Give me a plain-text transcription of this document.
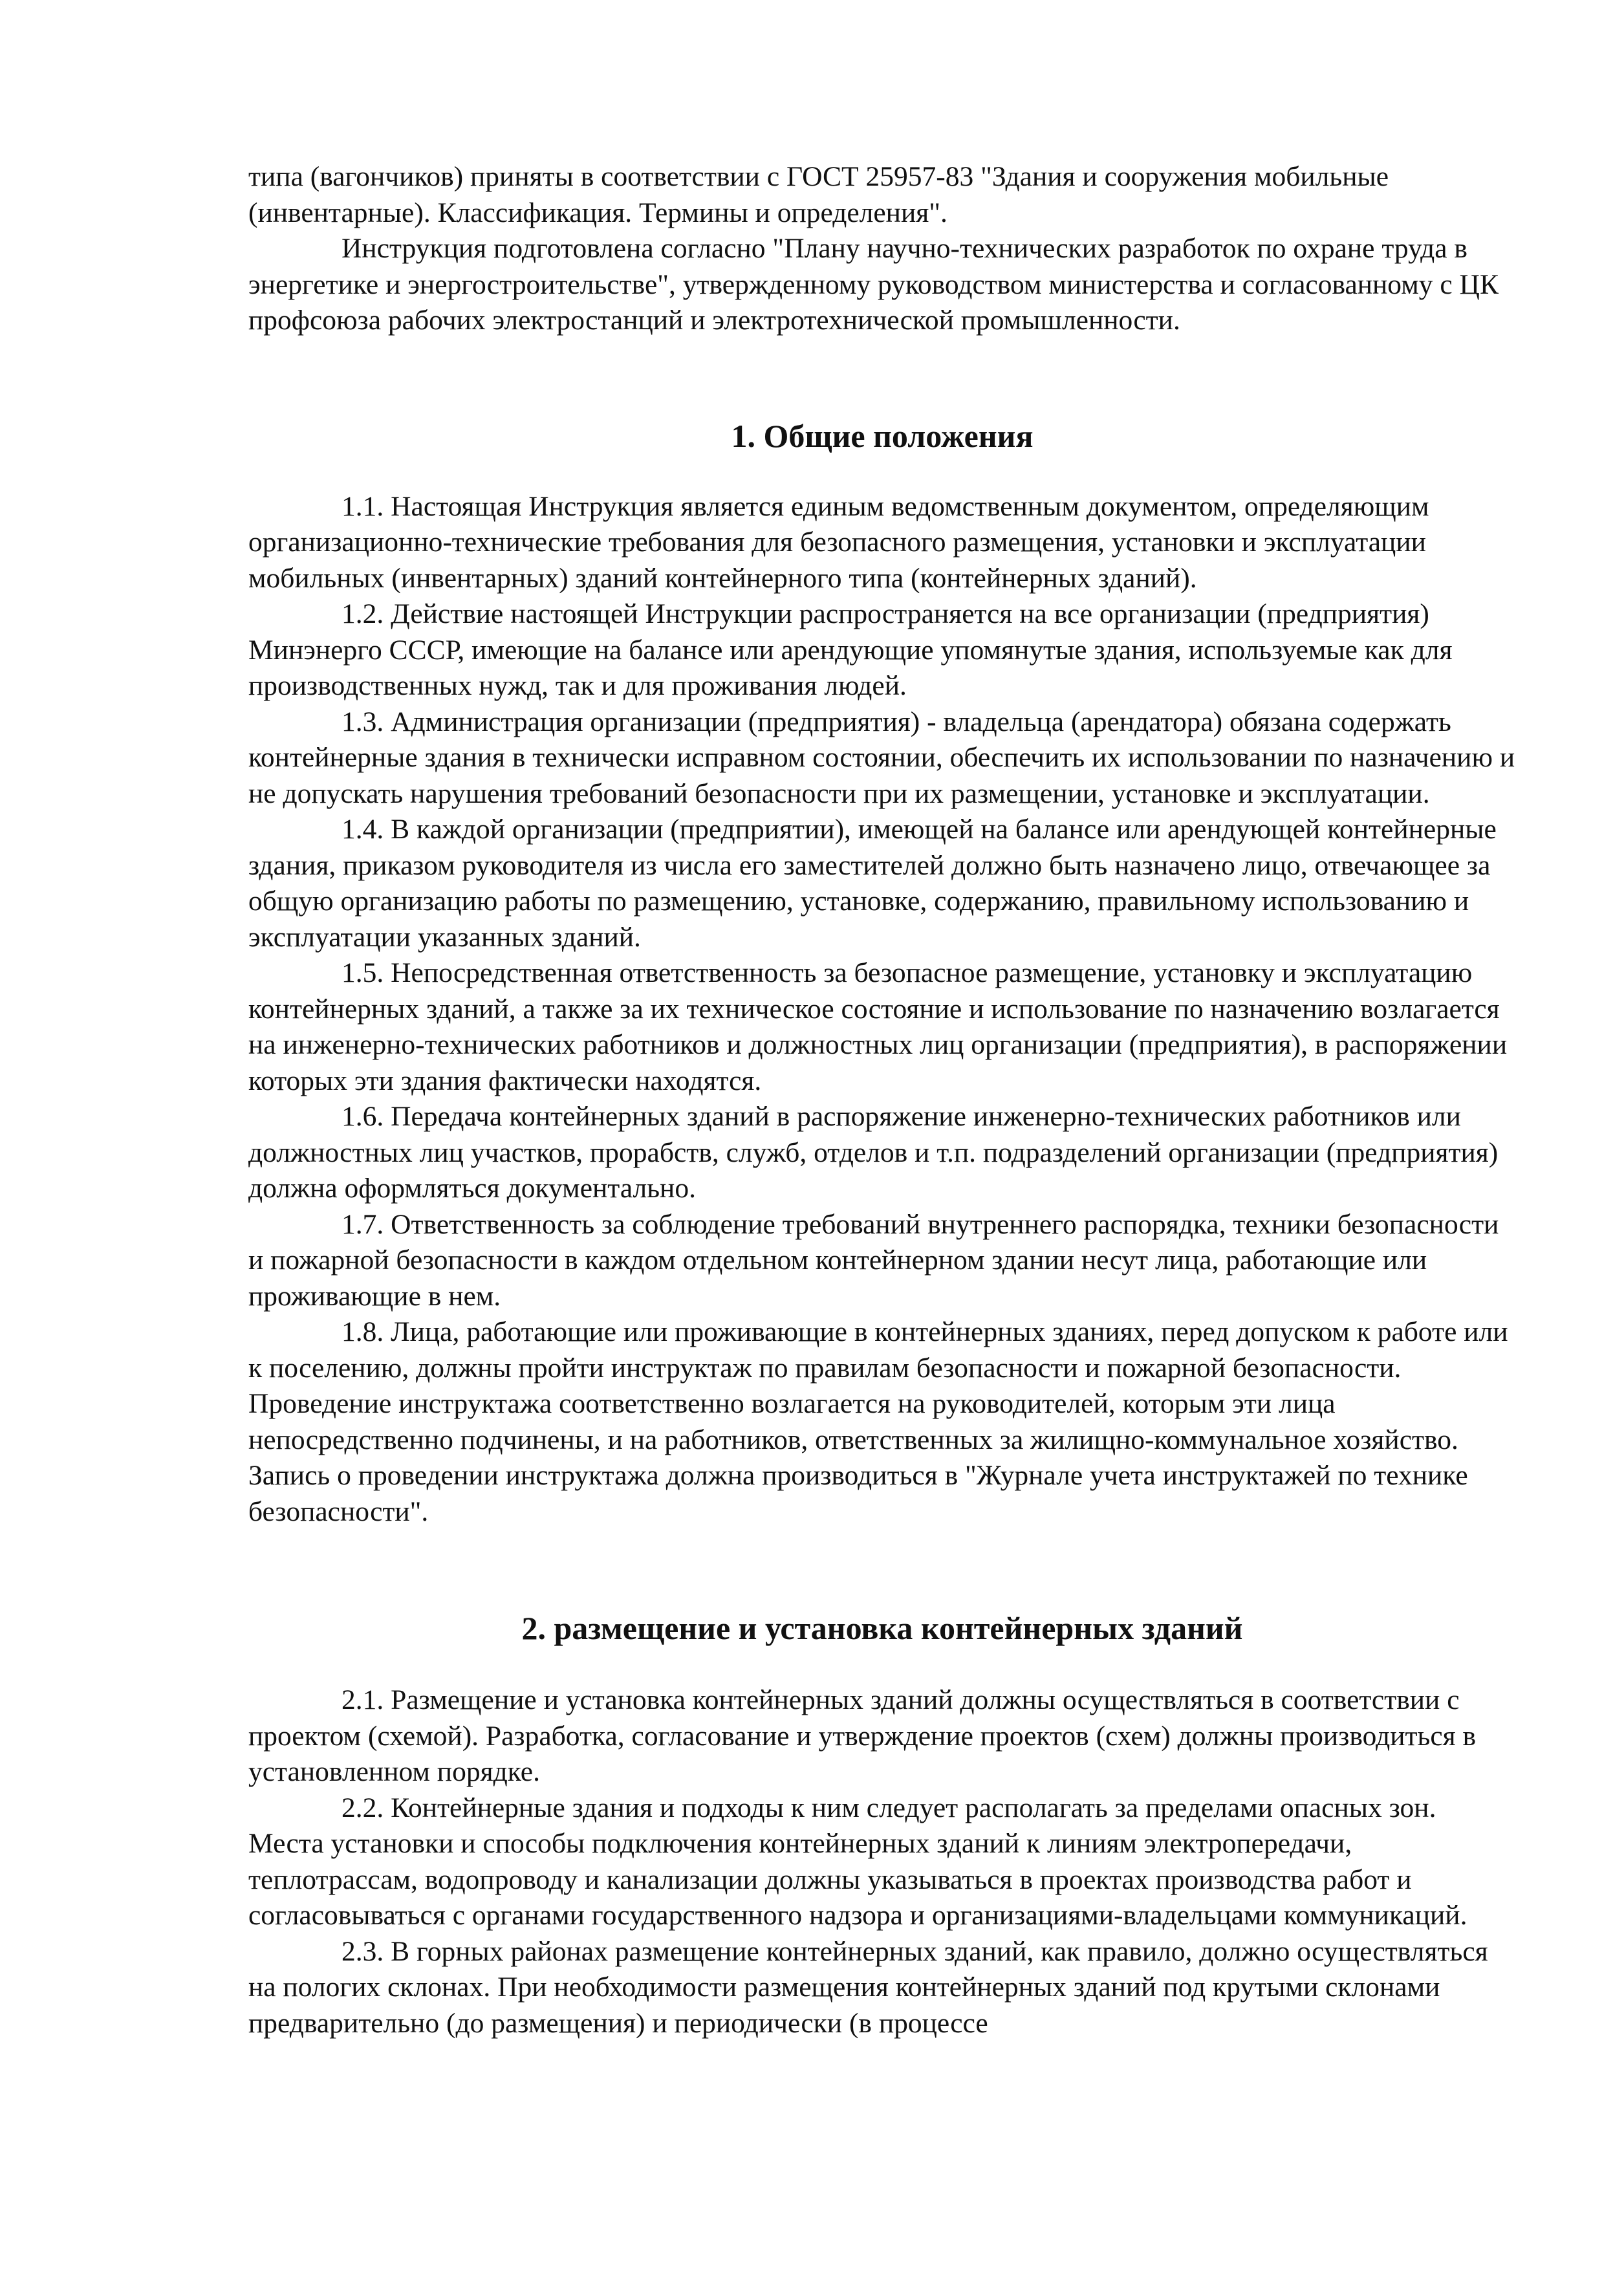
типа (вагончиков) приняты в соответствии с ГОСТ 25957-83 "Здания и сооружения мобильные (инвентарные). Классификация. Термины и определения".

Инструкция подготовлена согласно "Плану научно-технических разработок по охране труда в энергетике и энергостроительстве", утвержденному руководством министерства и согласованному с ЦК профсоюза рабочих электростанций и электротехнической промышленности.

1. Общие положения

1.1. Настоящая Инструкция является единым ведомственным документом, определяющим организационно-технические требования для безопасного размещения, установки и эксплуатации мобильных (инвентарных) зданий контейнерного типа (контейнерных зданий).

1.2. Действие настоящей Инструкции распространяется на все организации (предприятия) Минэнерго СССР, имеющие на балансе или арендующие упомянутые здания, используемые как для производственных нужд, так и для проживания людей.

1.3. Администрация организации (предприятия) - владельца (арендатора) обязана содержать контейнерные здания в технически исправном состоянии, обеспечить их использовании по назначению и не допускать нарушения требований безопасности при их размещении, установке и эксплуатации.

1.4. В каждой организации (предприятии), имеющей на балансе или арендующей контейнерные здания, приказом руководителя из числа его заместителей должно быть назначено лицо, отвечающее за общую организацию работы по размещению, установке, содержанию, правильному использованию и эксплуатации указанных зданий.

1.5. Непосредственная ответственность за безопасное размещение, установку и эксплуатацию контейнерных зданий, а также за их техническое состояние и использование по назначению возлагается на инженерно-технических работников и должностных лиц организации (предприятия), в распоряжении которых эти здания фактически находятся.

1.6. Передача контейнерных зданий в распоряжение инженерно-технических работников или должностных лиц участков, прорабств, служб, отделов и т.п. подразделений организации (предприятия) должна оформляться документально.

1.7. Ответственность за соблюдение требований внутреннего распорядка, техники безопасности и пожарной безопасности в каждом отдельном контейнерном здании несут лица, работающие или проживающие в нем.

1.8. Лица, работающие или проживающие в контейнерных зданиях, перед допуском к работе или к поселению, должны пройти инструктаж по правилам безопасности и пожарной безопасности. Проведение инструктажа соответственно возлагается на руководителей, которым эти лица непосредственно подчинены, и на работников, ответственных за жилищно-коммунальное хозяйство. Запись о проведении инструктажа должна производиться в "Журнале учета инструктажей по технике безопасности".

2. размещение и установка контейнерных зданий

2.1. Размещение и установка контейнерных зданий должны осуществляться в соответствии с проектом (схемой). Разработка, согласование и утверждение проектов (схем) должны производиться в установленном порядке.

2.2. Контейнерные здания и подходы к ним следует располагать за пределами опасных зон. Места установки и способы подключения контейнерных зданий к линиям электропередачи, теплотрассам, водопроводу и канализации должны указываться в проектах производства работ и согласовываться с органами государственного надзора и организациями-владельцами коммуникаций.

2.3. В горных районах размещение контейнерных зданий, как правило, должно осуществляться на пологих склонах. При необходимости размещения контейнерных зданий под крутыми склонами предварительно (до размещения) и периодически (в процессе
